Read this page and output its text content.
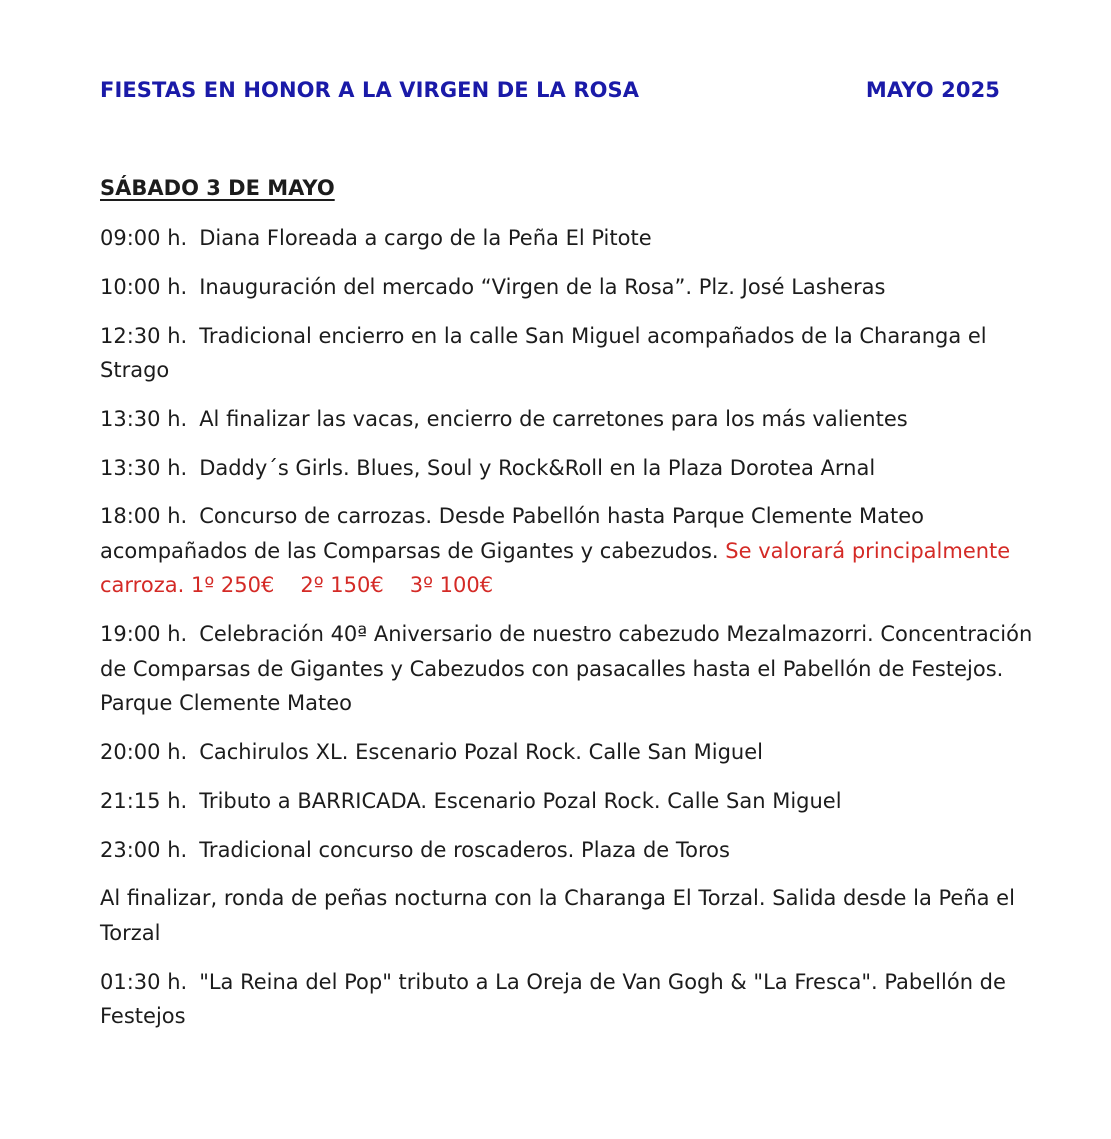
FIESTAS EN HONOR A LA VIRGEN DE LA ROSA	MAYO 2025
SÁBADO 3 DE MAYO

09:00 h. Diana Floreada a cargo de la Peña El Pitote

10:00 h. Inauguración del mercado “Virgen de la Rosa”. Plz. José Lasheras

12:30 h. Tradicional encierro en la calle San Miguel acompañados de la Charanga el Strago

13:30 h. Al finalizar las vacas, encierro de carretones para los más valientes

13:30 h. Daddy´s Girls. Blues, Soul y Rock&Roll en la Plaza Dorotea Arnal

18:00 h. Concurso de carrozas. Desde Pabellón hasta Parque Clemente Mateo acompañados de las Comparsas de Gigantes y cabezudos. Se valorará principalmente carroza. 1º 250€ 2º 150€ 3º 100€

19:00 h. Celebración 40ª Aniversario de nuestro cabezudo Mezalmazorri. Concentración de Comparsas de Gigantes y Cabezudos con pasacalles hasta el Pabellón de Festejos. Parque Clemente Mateo

20:00 h. Cachirulos XL. Escenario Pozal Rock. Calle San Miguel

21:15 h. Tributo a BARRICADA. Escenario Pozal Rock. Calle San Miguel

23:00 h. Tradicional concurso de roscaderos. Plaza de Toros

Al finalizar, ronda de peñas nocturna con la Charanga El Torzal. Salida desde la Peña el Torzal

01:30 h. "La Reina del Pop" tributo a La Oreja de Van Gogh & "La Fresca". Pabellón de Festejos
